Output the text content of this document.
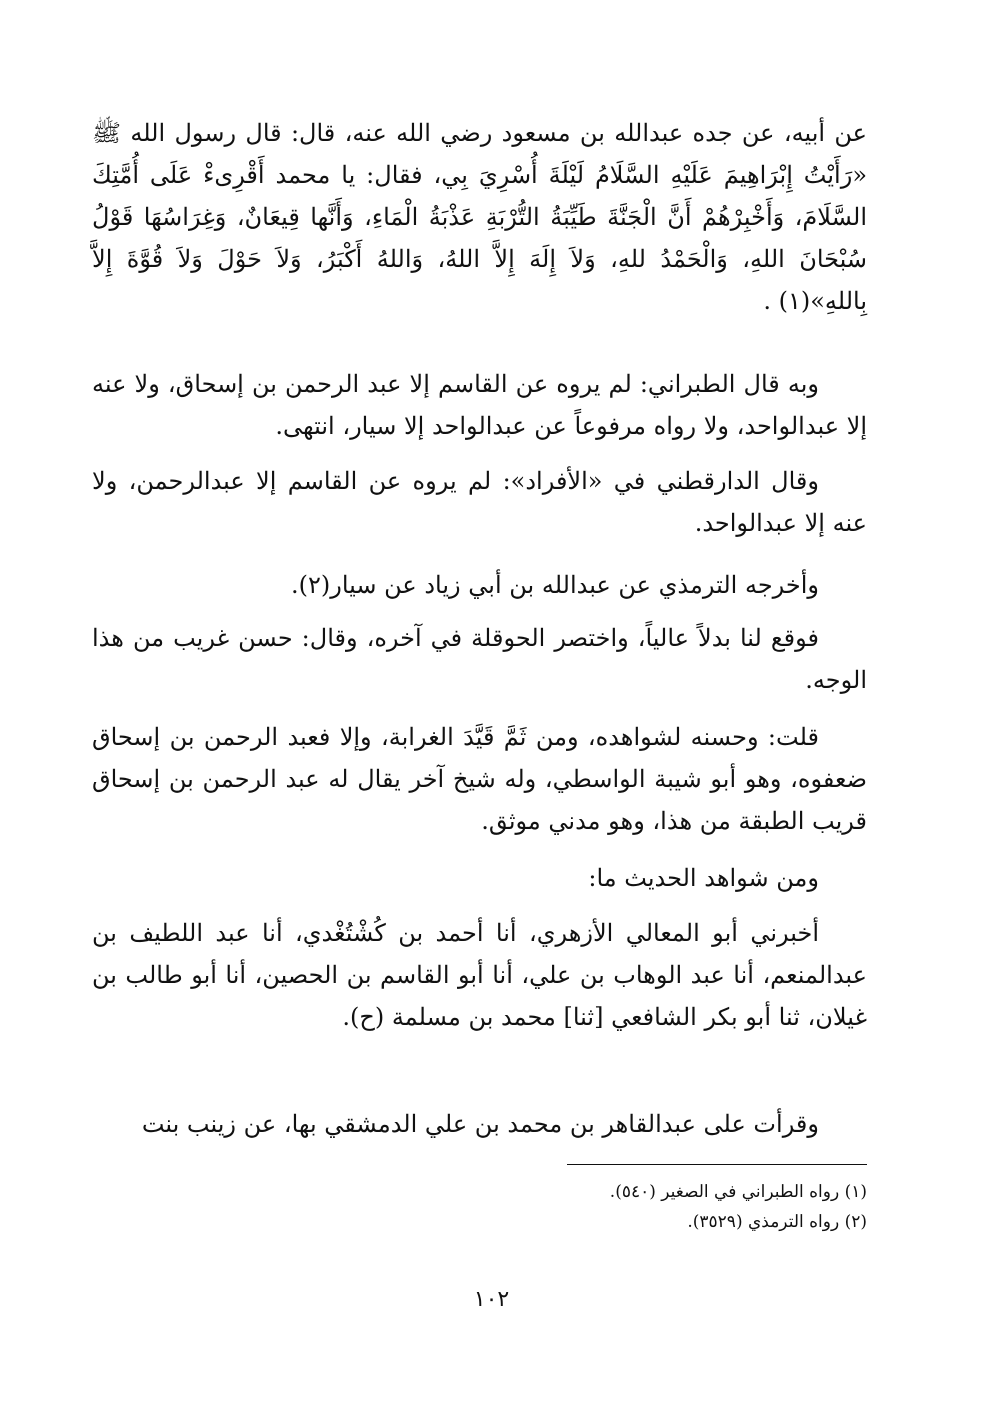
عن أبيه، عن جده عبدالله بن مسعود رضي الله عنه، قال: قال رسول الله ﷺ «رَأَيْتُ إِبْرَاهِيمَ عَلَيْهِ السَّلَامُ لَيْلَةَ أُسْرِيَ بِي، فقال: يا محمد أَقْرِىءْ عَلَى أُمَّتِكَ السَّلَامَ، وَأَخْبِرْهُمْ أَنَّ الْجَنَّةَ طَيِّبَةُ التُّرْبَةِ عَذْبَةُ الْمَاءِ، وَأَنَّها قِيعَانٌ، وَغِرَاسُهَا قَوْلُ سُبْحَانَ اللهِ، وَالْحَمْدُ للهِ، وَلاَ إِلَهَ إِلاَّ اللهُ، وَاللهُ أَكْبَرُ، وَلاَ حَوْلَ وَلاَ قُوَّةَ إِلاَّ بِاللهِ»(١) .

وبه قال الطبراني: لم يروه عن القاسم إلا عبد الرحمن بن إسحاق، ولا عنه إلا عبدالواحد، ولا رواه مرفوعاً عن عبدالواحد إلا سيار، انتهى.

وقال الدارقطني في «الأفراد»: لم يروه عن القاسم إلا عبدالرحمن، ولا عنه إلا عبدالواحد.

وأخرجه الترمذي عن عبدالله بن أبي زياد عن سيار(٢).

فوقع لنا بدلاً عالياً، واختصر الحوقلة في آخره، وقال: حسن غريب من هذا الوجه.

قلت: وحسنه لشواهده، ومن ثَمَّ قَيَّدَ الغرابة، وإلا فعبد الرحمن بن إسحاق ضعفوه، وهو أبو شيبة الواسطي، وله شيخ آخر يقال له عبد الرحمن بن إسحاق قريب الطبقة من هذا، وهو مدني موثق.

ومن شواهد الحديث ما:

أخبرني أبو المعالي الأزهري، أنا أحمد بن كُشْتُغْدي، أنا عبد اللطيف بن عبدالمنعم، أنا عبد الوهاب بن علي، أنا أبو القاسم بن الحصين، أنا أبو طالب بن غيلان، ثنا أبو بكر الشافعي [ثنا] محمد بن مسلمة (ح).

وقرأت على عبدالقاهر بن محمد بن علي الدمشقي بها، عن زينب بنت

(١) رواه الطبراني في الصغير (٥٤٠).

(٢) رواه الترمذي (٣٥٢٩).

١٠٢
